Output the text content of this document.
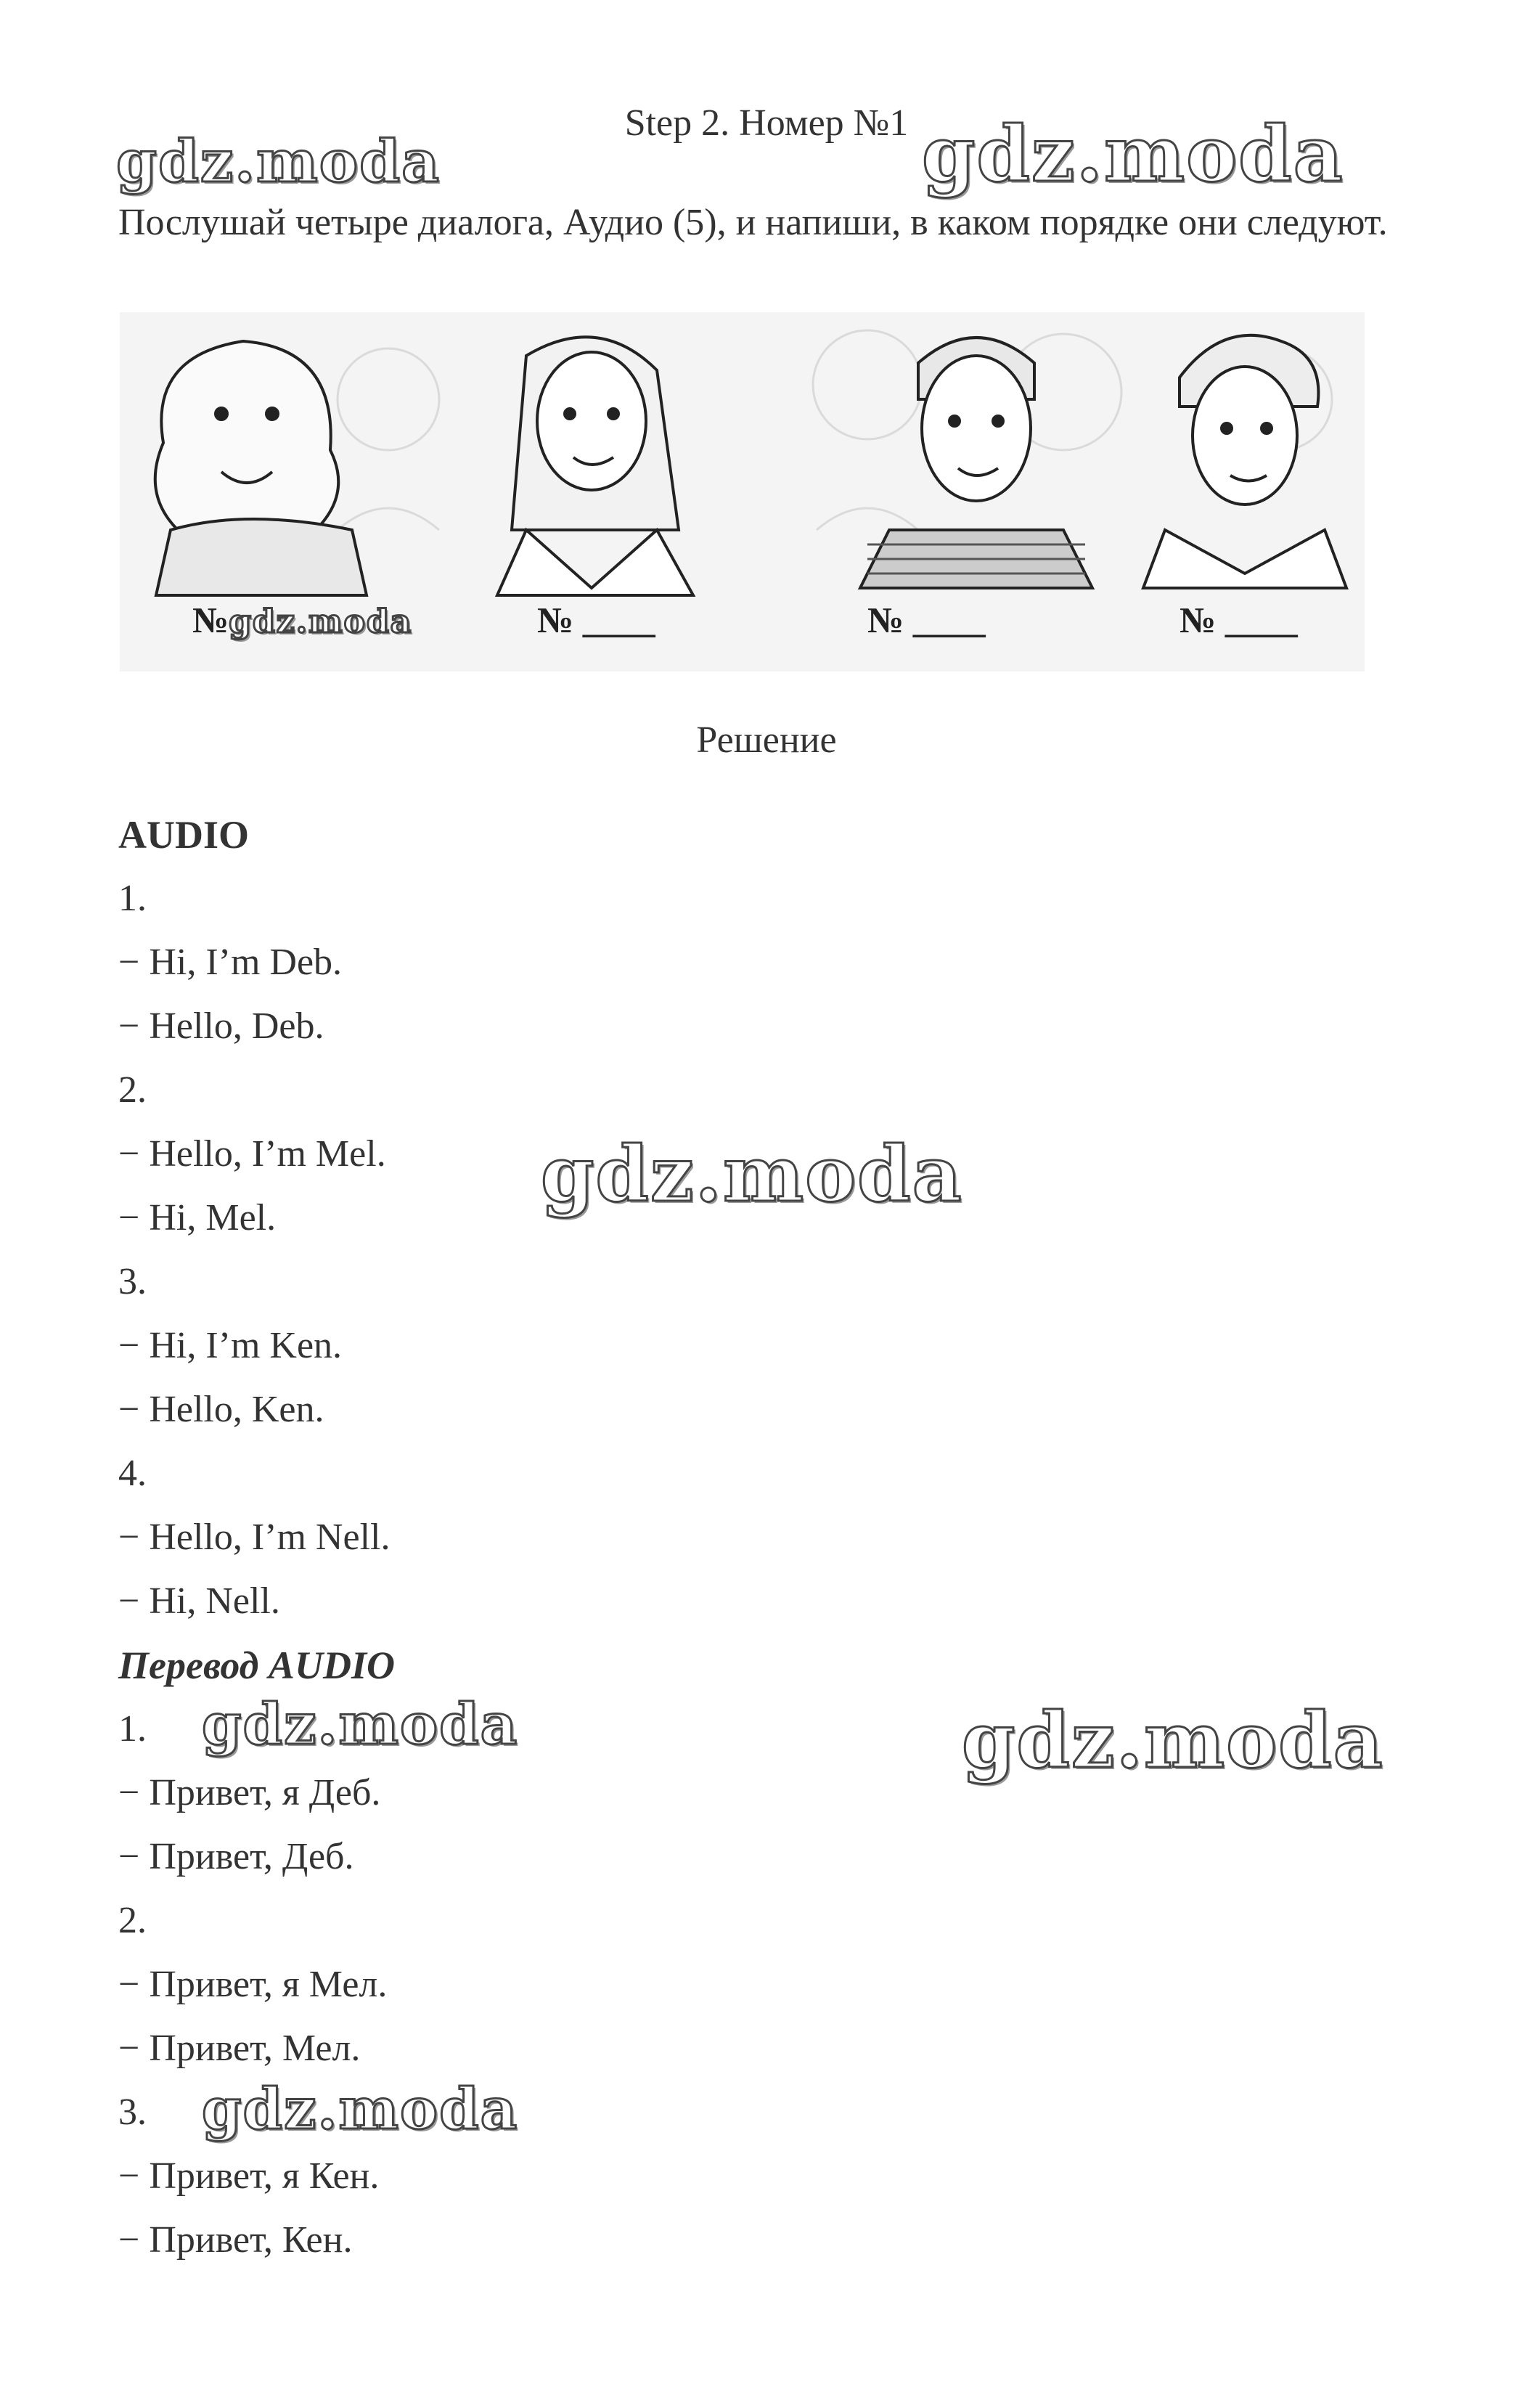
Step 2. Номер №1
Послушай четыре диалога, Аудио (5), и напиши, в каком порядке они следуют.
№gdz.moda	№ ____	№ ____	№ ____
Решение
AUDIO
1.
− Hi, I’m Deb.
− Hello, Deb.
2.
− Hello, I’m Mel.
− Hi, Mel.
3.
− Hi, I’m Ken.
− Hello, Ken.
4.
− Hello, I’m Nell.
− Hi, Nell.
Перевод AUDIO
1.
− Привет, я Деб.
− Привет, Деб.
2.
− Привет, я Мел.
− Привет, Мел.
3.
− Привет, я Кен.
− Привет, Кен.
gdz.moda	gdz.moda
gdz.moda
gdz.moda	gdz.moda
gdz.moda
